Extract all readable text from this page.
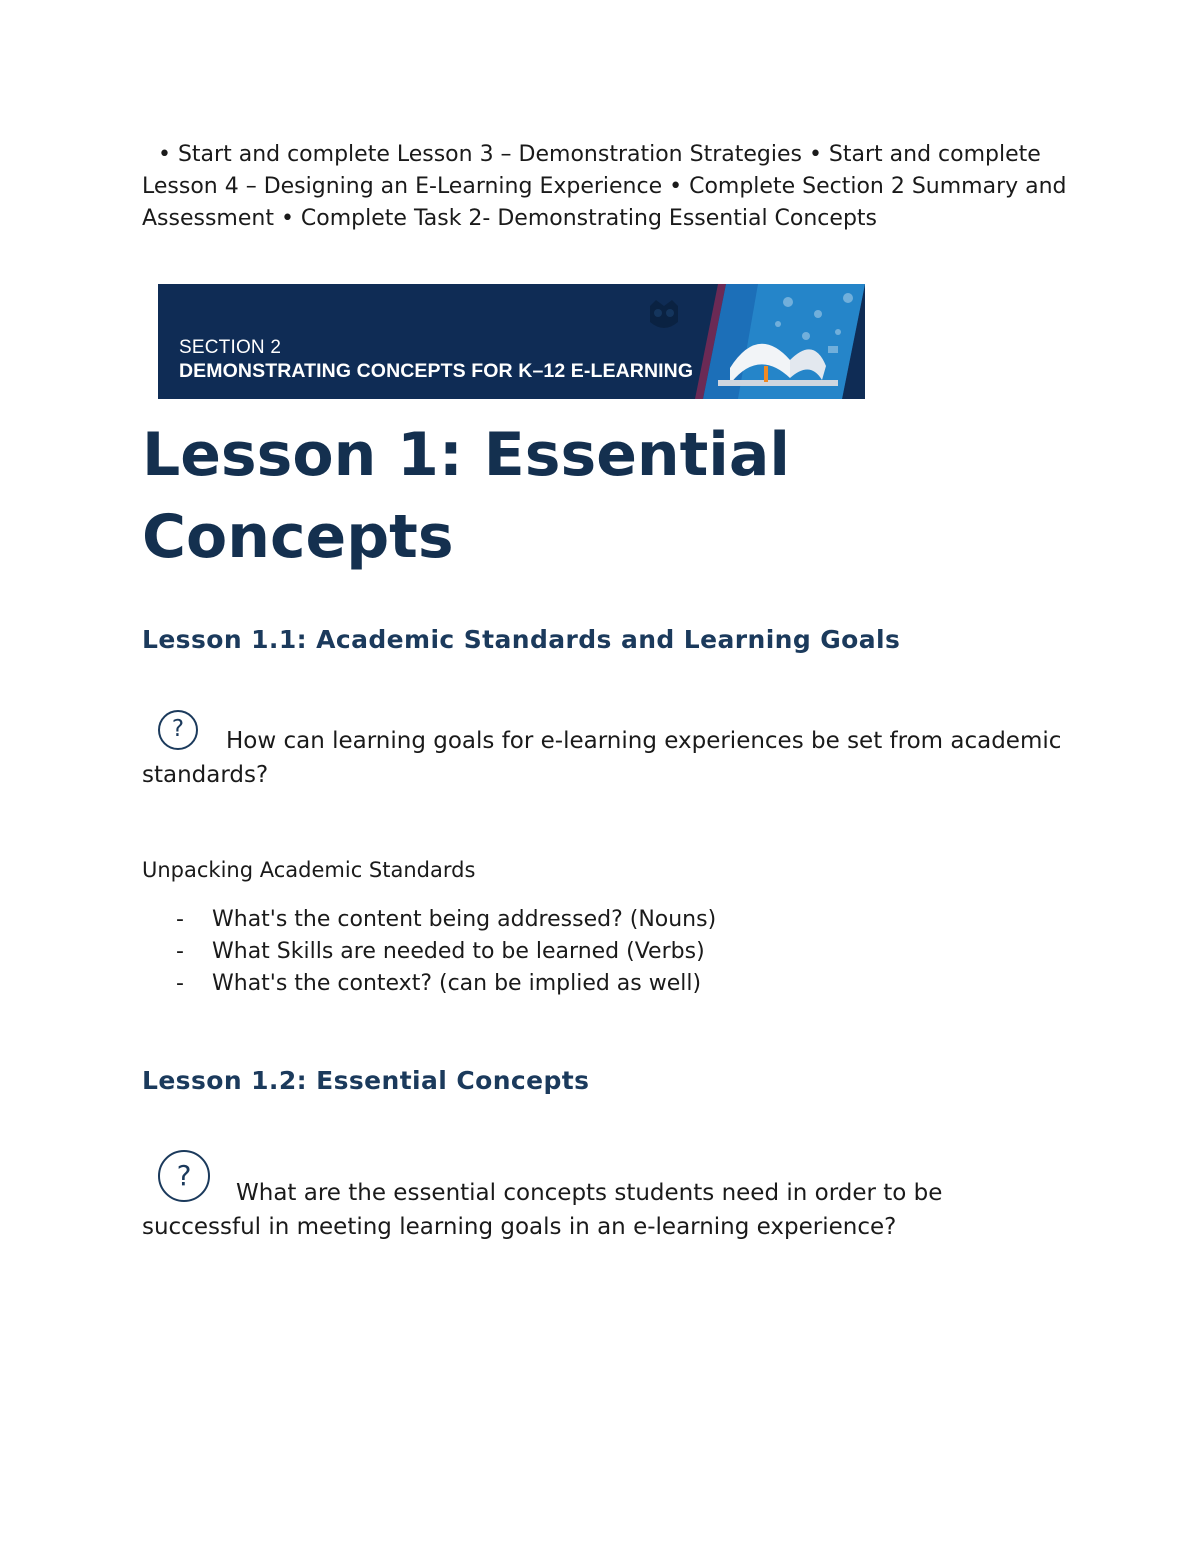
• Start and complete Lesson 3 – Demonstration Strategies • Start and complete Lesson 4 – Designing an E-Learning Experience • Complete Section 2 Summary and Assessment • Complete Task 2- Demonstrating Essential Concepts
SECTION 2
DEMONSTRATING CONCEPTS FOR K–12 E-LEARNING
Lesson 1: Essential Concepts
Lesson 1.1: Academic Standards and Learning Goals
?	How can learning goals for e-learning experiences be set from academic standards?
Unpacking Academic Standards
- What's the content being addressed? (Nouns)
- What Skills are needed to be learned (Verbs)
- What's the context? (can be implied as well)
Lesson 1.2: Essential Concepts
?
What are the essential concepts students need in order to be successful in meeting learning goals in an e-learning experience?
